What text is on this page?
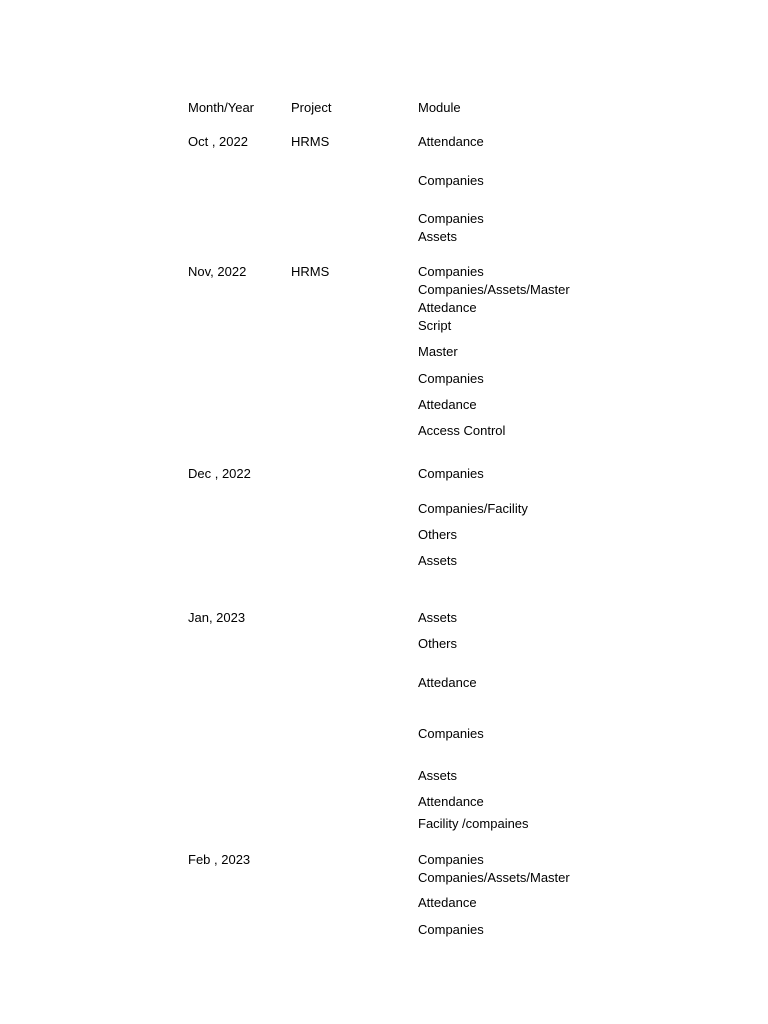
Month/Year	Project	Module
Oct , 2022
Nov, 2022
Dec , 2022
Jan, 2023
Feb , 2023
HRMS
HRMS
Attendance
Companies
Companies
Assets
Companies
Companies/Assets/Master
Attedance
Script
Master
Companies
Attedance
Access Control
Companies
Companies/Facility
Others
Assets
Assets
Others
Attedance
Companies
Assets
Attendance
Facility /compaines
Companies
Companies/Assets/Master
Attedance
Companies
